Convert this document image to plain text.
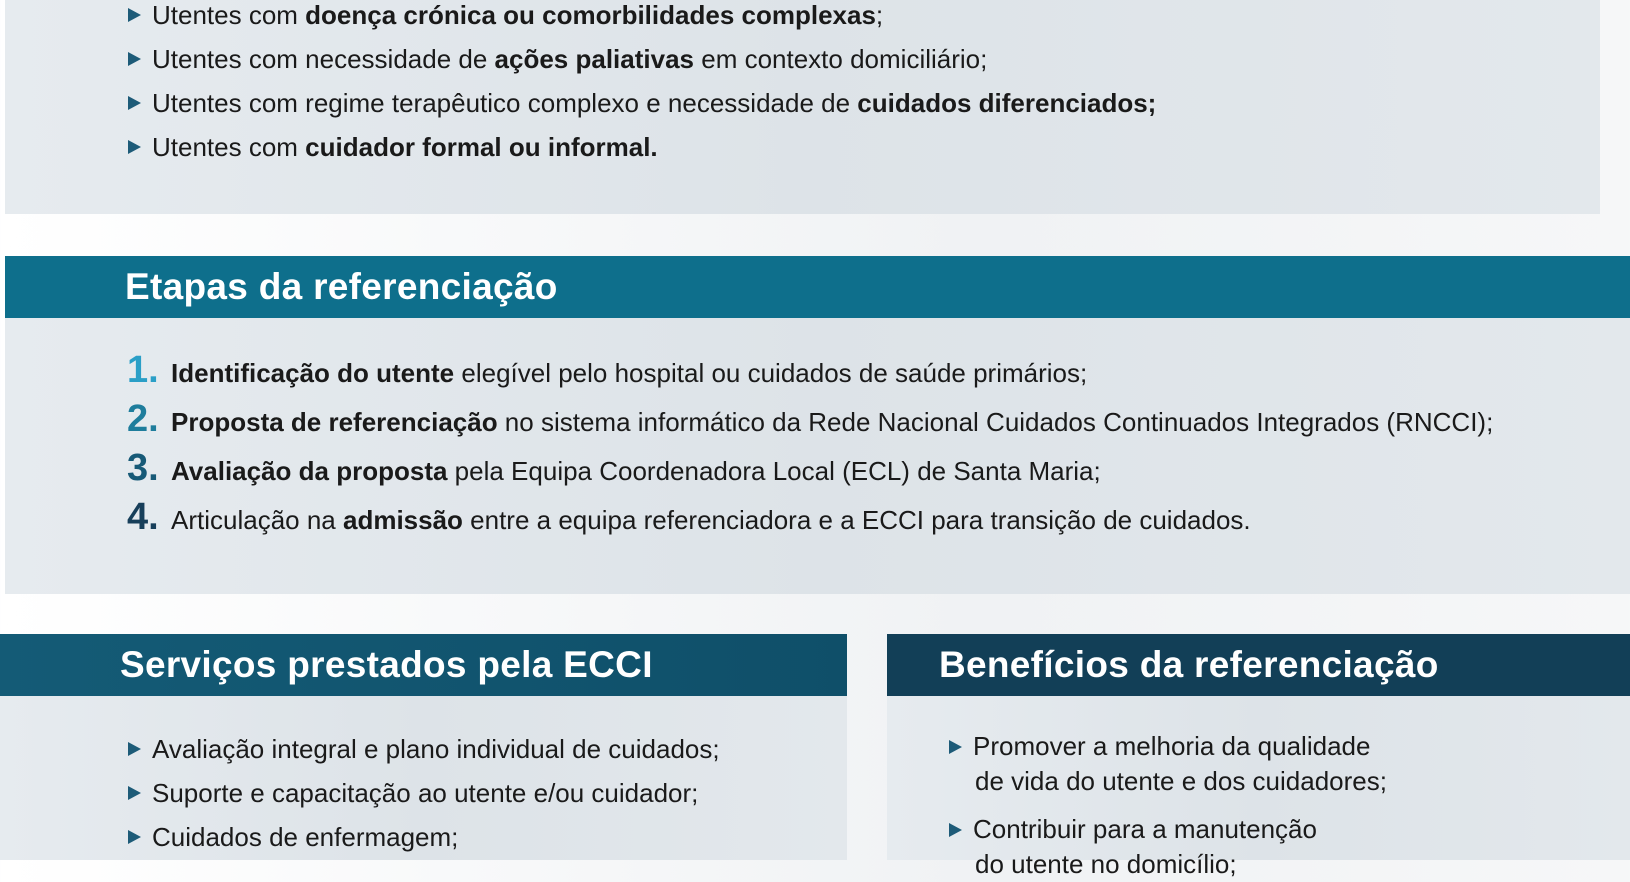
Utentes com doença crónica ou comorbilidades complexas;
Utentes com necessidade de ações paliativas em contexto domiciliário;
Utentes com regime terapêutico complexo e necessidade de cuidados diferenciados;
Utentes com cuidador formal ou informal.
Etapas da referenciação
1. Identificação do utente elegível pelo hospital ou cuidados de saúde primários;
2. Proposta de referenciação no sistema informático da Rede Nacional Cuidados Continuados Integrados (RNCCI);
3. Avaliação da proposta pela Equipa Coordenadora Local (ECL) de Santa Maria;
4. Articulação na admissão entre a equipa referenciadora e a ECCI para transição de cuidados.
Serviços prestados pela ECCI
Avaliação integral e plano individual de cuidados;
Suporte e capacitação ao utente e/ou cuidador;
Cuidados de enfermagem;
Benefícios da referenciação
Promover a melhoria da qualidade
de vida do utente e dos cuidadores;
Contribuir para a manutenção
do utente no domicílio;
